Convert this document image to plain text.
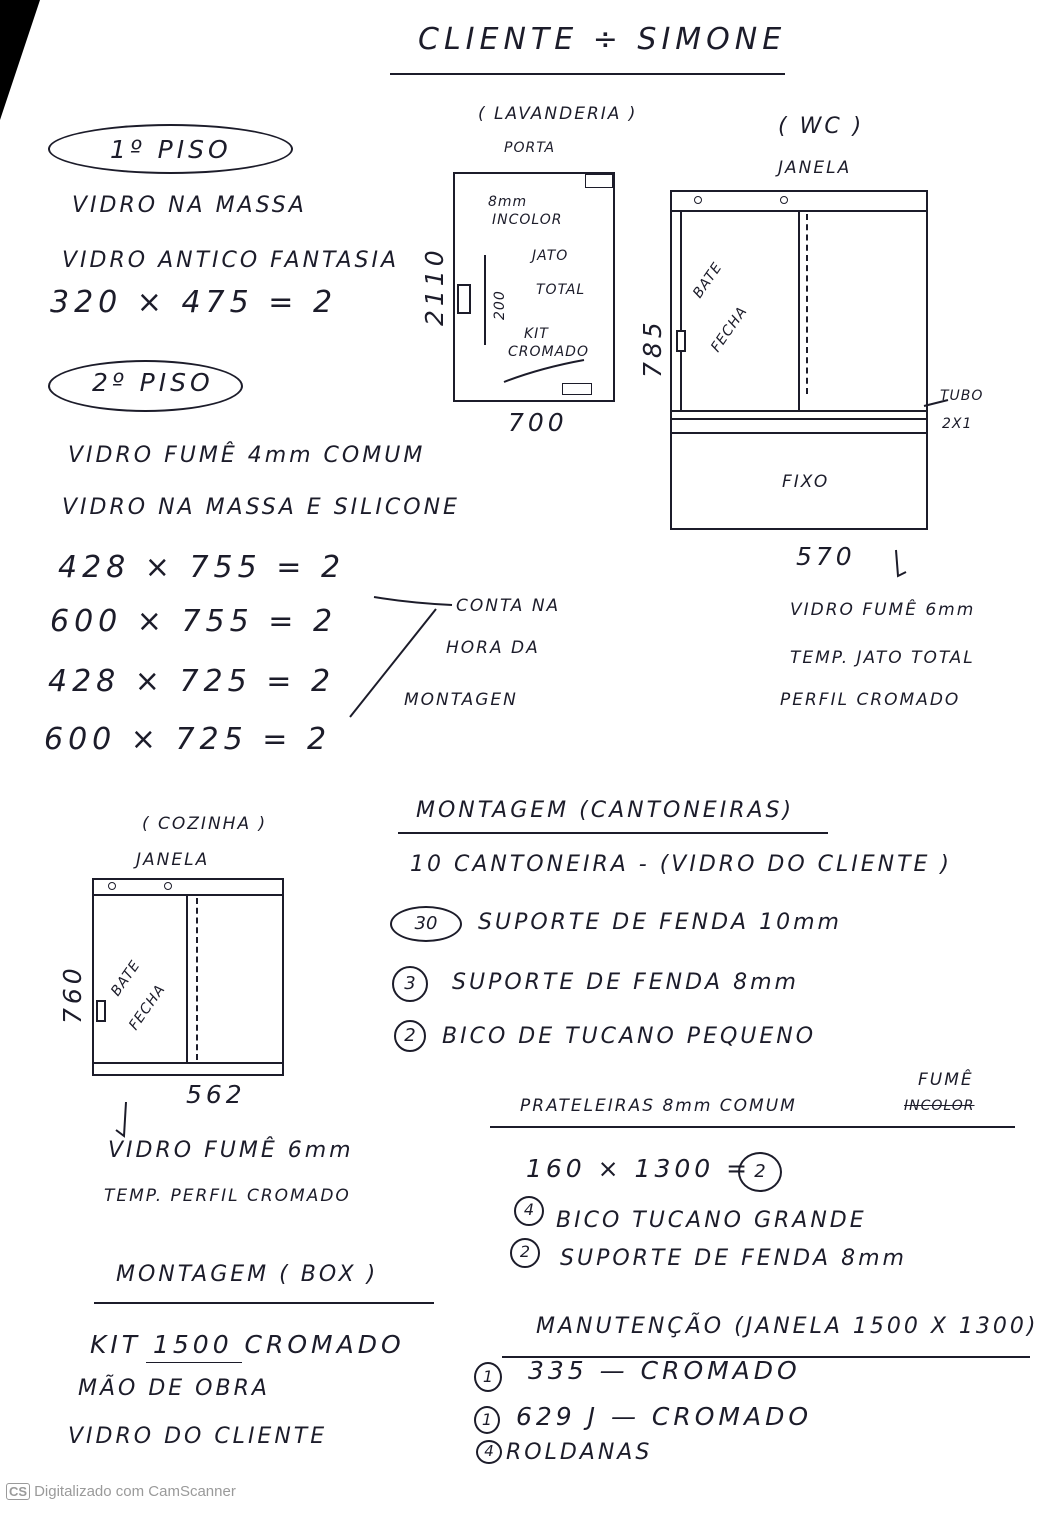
CLIENTE ÷ SIMONE
1º PISO
VIDRO NA MASSA
VIDRO ANTICO FANTASIA
320 × 475 = 2
2º PISO
VIDRO FUMÊ 4mm COMUM
VIDRO NA MASSA E SILICONE
428 × 755 = 2
600 × 755 = 2
428 × 725 = 2
600 × 725 = 2
CONTA NA
HORA DA
MONTAGEN
( LAVANDERIA )
PORTA
8mm
INCOLOR
JATO
TOTAL
KIT
CROMADO
2110	200
700
( WC )
JANELA
BATE
FECHA
785
TUBO
2X1
FIXO
570
VIDRO FUMÊ 6mm
TEMP. JATO TOTAL
PERFIL CROMADO
( COZINHA )
JANELA
BATE
FECHA
760
562
VIDRO FUMÊ 6mm
TEMP. PERFIL CROMADO
MONTAGEM (CANTONEIRAS)
10 CANTONEIRA - (VIDRO DO CLIENTE )
30	SUPORTE DE FENDA 10mm
3	SUPORTE DE FENDA 8mm
2	BICO DE TUCANO PEQUENO
FUMÊ
PRATELEIRAS 8mm COMUM	INCOLOR
160 × 1300 = 2
4 BICO TUCANO GRANDE
2	SUPORTE DE FENDA 8mm
MONTAGEM ( BOX )
KIT 1500 CROMADO
MÃO DE OBRA
VIDRO DO CLIENTE
MANUTENÇÃO (JANELA 1500 X 1300)
1	335 — CROMADO
1 629 J — CROMADO
4 ROLDANAS
CS Digitalizado com CamScanner
